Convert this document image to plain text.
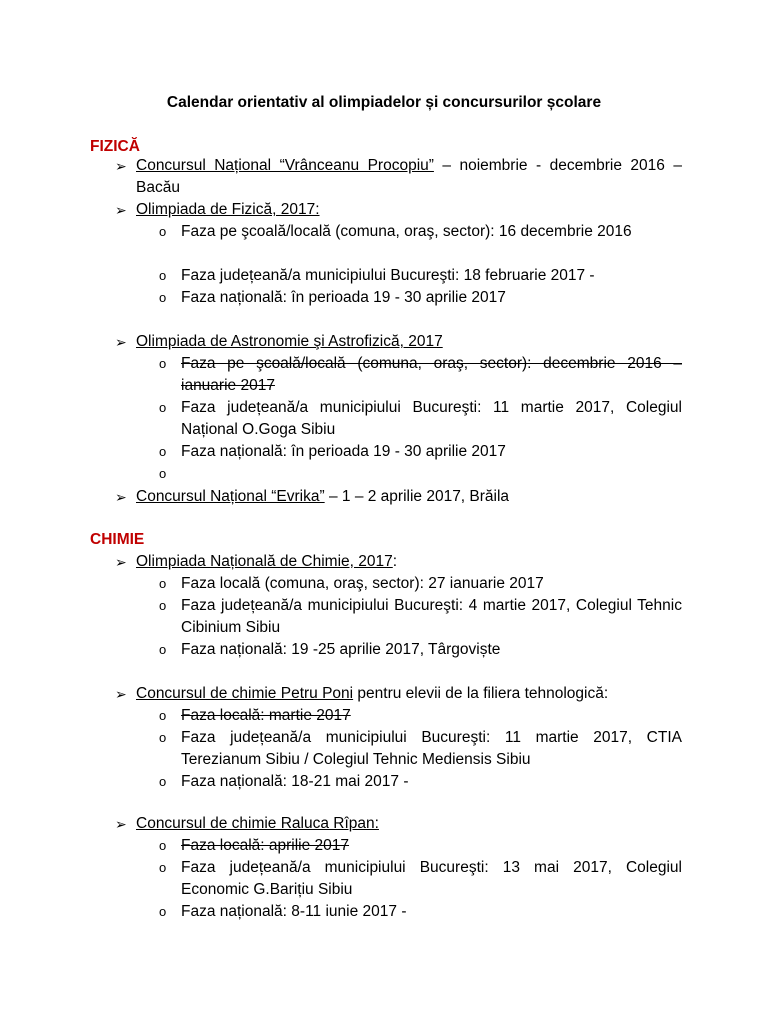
Calendar orientativ al olimpiadelor și concursurilor școlare
FIZICĂ
➢ Concursul Național “Vrânceanu Procopiu” – noiembrie - decembrie 2016 – Bacău
➢ Olimpiada de Fizică, 2017:
o Faza pe şcoală/locală (comuna, oraş, sector): 16 decembrie 2016
o Faza județeană/a municipiului Bucureşti: 18 februarie 2017 -
o Faza națională: în perioada 19 - 30 aprilie 2017
➢ Olimpiada de Astronomie şi Astrofizică, 2017
o Faza pe şcoală/locală (comuna, oraş, sector): decembrie 2016 – ianuarie 2017
o Faza județeană/a municipiului Bucureşti: 11 martie 2017, Colegiul Național O.Goga Sibiu
o Faza națională: în perioada 19 - 30 aprilie 2017
o
➢ Concursul Național “Evrika” – 1 – 2 aprilie 2017, Brăila
CHIMIE
➢ Olimpiada Națională de Chimie, 2017:
o Faza locală (comuna, oraş, sector): 27 ianuarie 2017
o Faza județeană/a municipiului Bucureşti: 4 martie 2017, Colegiul Tehnic Cibinium Sibiu
o Faza națională: 19 -25 aprilie 2017, Târgoviște
➢ Concursul de chimie Petru Poni pentru elevii de la filiera tehnologică:
o Faza locală: martie 2017
o Faza județeană/a municipiului Bucureşti: 11 martie 2017, CTIA Terezianum Sibiu / Colegiul Tehnic Mediensis Sibiu
o Faza națională: 18-21 mai 2017 -
➢ Concursul de chimie Raluca Rîpan:
o Faza locală: aprilie 2017
o Faza județeană/a municipiului Bucureşti: 13 mai 2017, Colegiul Economic G.Barițiu Sibiu
o Faza națională: 8-11 iunie 2017 -
